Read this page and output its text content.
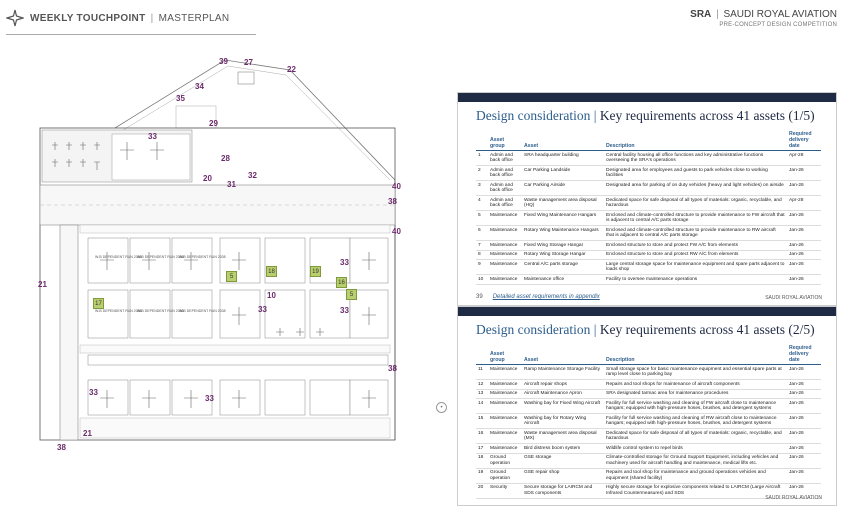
WEEKLY TOUCHPOINT | MASTERPLAN	SRA | SAUDI ROYAL AVIATION
PRE-CONCEPT DESIGN COMPETITION
W-B DEPENDENT RUN 2038
W-B DEPENDENT RUN 2038
W-B DEPENDENT RUN 2038
W-B DEPENDENT RUN 2038
W-B DEPENDENT RUN 2038
W-B DEPENDENT RUN 2038
39 27
22
34
35
29
33
28
20
31
32
40
38
40
21
33
5
18	19
16
33
5
17
10
33
38
33
33
21
38
•
Design consideration | Key requirements across 41 assets (1/5)
	Asset group	Asset	Description	Required delivery date
1	Admin and back office	SRA headquarter building	Central facility housing all office functions and key administrative functions overseeing the SRA's operations	Apr-28
2	Admin and back office	Car Parking Landside	Designated area for employees and guests to park vehicles close to working facilities	Jan-26
3	Admin and back office	Car Parking Airside	Designated area for parking of on duty vehicles (heavy and light vehicles) on airside	Jan-26
4	Admin and back office	Waste management area disposal (HQ)	Dedicated space for safe disposal of all types of materials: organic, recyclable, and hazardous	Apr-28
5	Maintenance	Fixed Wing Maintenance Hangars	Enclosed and climate-controlled structure to provide maintenance to FW aircraft that is adjacent to central A/C parts storage	Jan-26
6	Maintenance	Rotary Wing Maintenance Hangars	Enclosed and climate-controlled structure to provide maintenance to RW aircraft that is adjacent to central A/C parts storage	Jan-26
7	Maintenance	Fixed Wing Storage Hangar	Enclosed structure to store and protect FW A/C from elements	Jan-26
8	Maintenance	Rotary Wing Storage Hangar	Enclosed structure to store and protect RW A/C from elements	Jan-26
9	Maintenance	Central A/C parts storage	Large central storage space for maintenance equipment and spare parts adjacent to loads shop	Jan-26
10	Maintenance	Maintenance office	Facility to oversee maintenance operations	Jan-26
39 Detailed asset requirements in appendix	SAUDI ROYAL AVIATION
Design consideration | Key requirements across 41 assets (2/5)
	Asset group	Asset	Description	Required delivery date
11	Maintenance	Ramp Maintenance Storage Facility	Small storage space for basic maintenance equipment and essential spare parts at ramp level close to parking bay	Jan-26
12	Maintenance	Aircraft repair shops	Repairs and tool shops for maintenance of aircraft components	Jan-26
13	Maintenance	Aircraft Maintenance Apron	SRA designated tarmac area for maintenance procedures	Jan-26
14	Maintenance	Washing bay for Fixed Wing Aircraft	Facility for full service washing and cleaning of FW aircraft close to maintenance hangars; equipped with high-pressure hoses, brushes, and detergent systems	Jan-26
15	Maintenance	Washing bay for Rotary Wing Aircraft	Facility for full service washing and cleaning of RW aircraft close to maintenance hangars; equipped with high-pressure hoses, brushes, and detergent systems	Jan-26
16	Maintenance	Waste management area disposal (MX)	Dedicated space for safe disposal of all types of materials: organic, recyclable, and hazardous	Jan-26
17	Maintenance	Bird distress boom system	Wildlife control system to repel birds	Jan-26
18	Ground operation	GSE storage	Climate-controlled storage for Ground Support Equipment, including vehicles and machinery used for aircraft handling and maintenance, medical lifts etc.	Jan-26
19	Ground operation	GSE repair shop	Repairs and tool shop for maintenance and ground operations vehicles and equipment (shared facility)	Jan-26
20	Security	Secure storage for LAIRCM and SDS components	Highly secure storage for explosive components related to LAIRCM (Large Aircraft Infrared Countermeasures) and SDS	Jan-26
SAUDI ROYAL AVIATION
